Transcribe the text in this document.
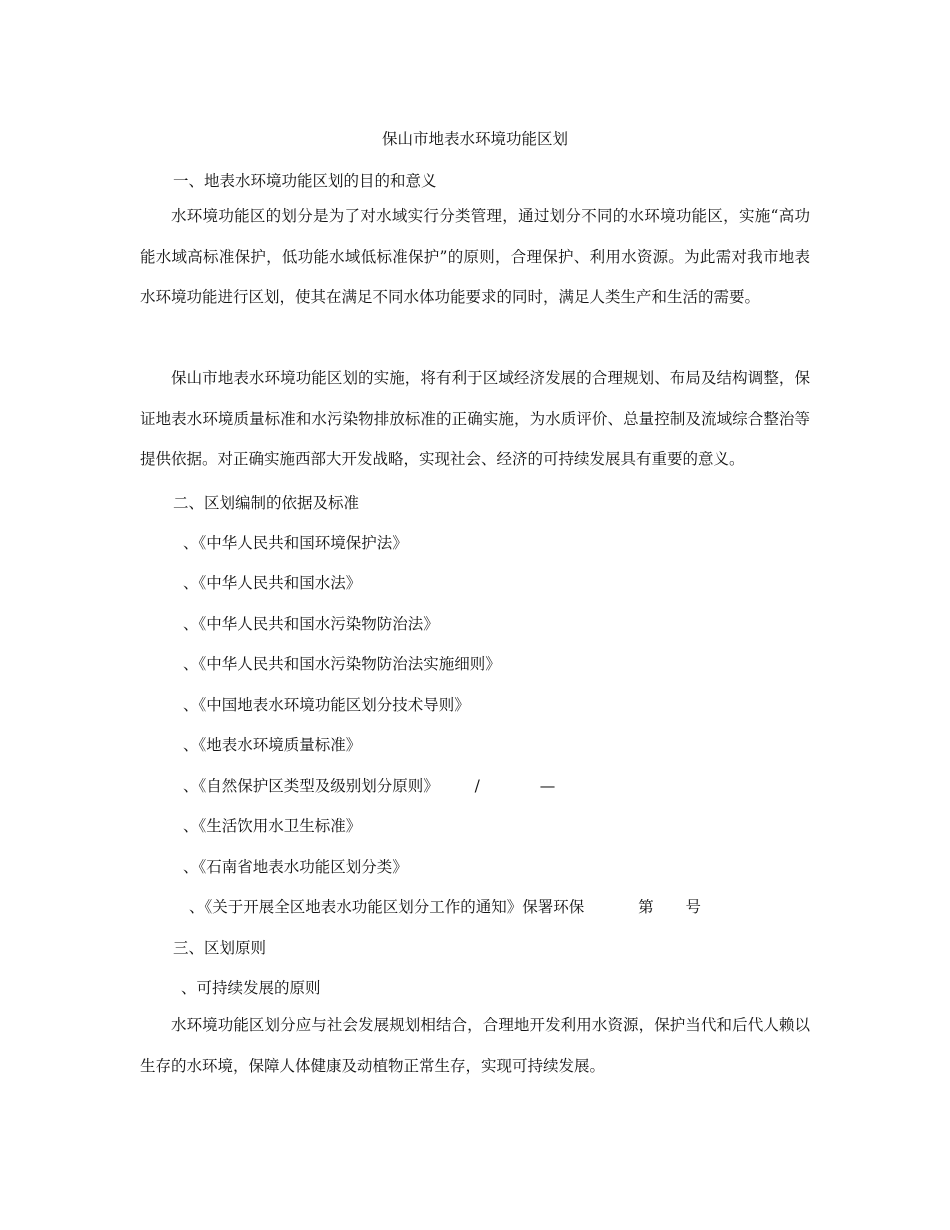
保山市地表水环境功能区划
一、地表水环境功能区划的目的和意义
水环境功能区的划分是为了对水域实行分类管理，通过划分不同的水环境功能区，实施“高功能水域高标准保护，低功能水域低标准保护”的原则，合理保护、利用水资源。为此需对我市地表水环境功能进行区划，使其在满足不同水体功能要求的同时，满足人类生产和生活的需要。
保山市地表水环境功能区划的实施，将有利于区域经济发展的合理规划、布局及结构调整，保证地表水环境质量标准和水污染物排放标准的正确实施，为水质评价、总量控制及流域综合整治等提供依据。对正确实施西部大开发战略，实现社会、经济的可持续发展具有重要的意义。
二、区划编制的依据及标准
、《中华人民共和国环境保护法》
、《中华人民共和国水法》
、《中华人民共和国水污染物防治法》
、《中华人民共和国水污染物防治法实施细则》
、《中国地表水环境功能区划分技术导则》
、《地表水环境质量标准》
、《自然保护区类型及级别划分原则》 /	—
、《生活饮用水卫生标准》
、《石南省地表水功能区划分类》
、《关于开展全区地表水功能区划分工作的通知》保署环保	第 号
三、区划原则
、可持续发展的原则
水环境功能区划分应与社会发展规划相结合，合理地开发利用水资源，保护当代和后代人赖以生存的水环境，保障人体健康及动植物正常生存，实现可持续发展。
